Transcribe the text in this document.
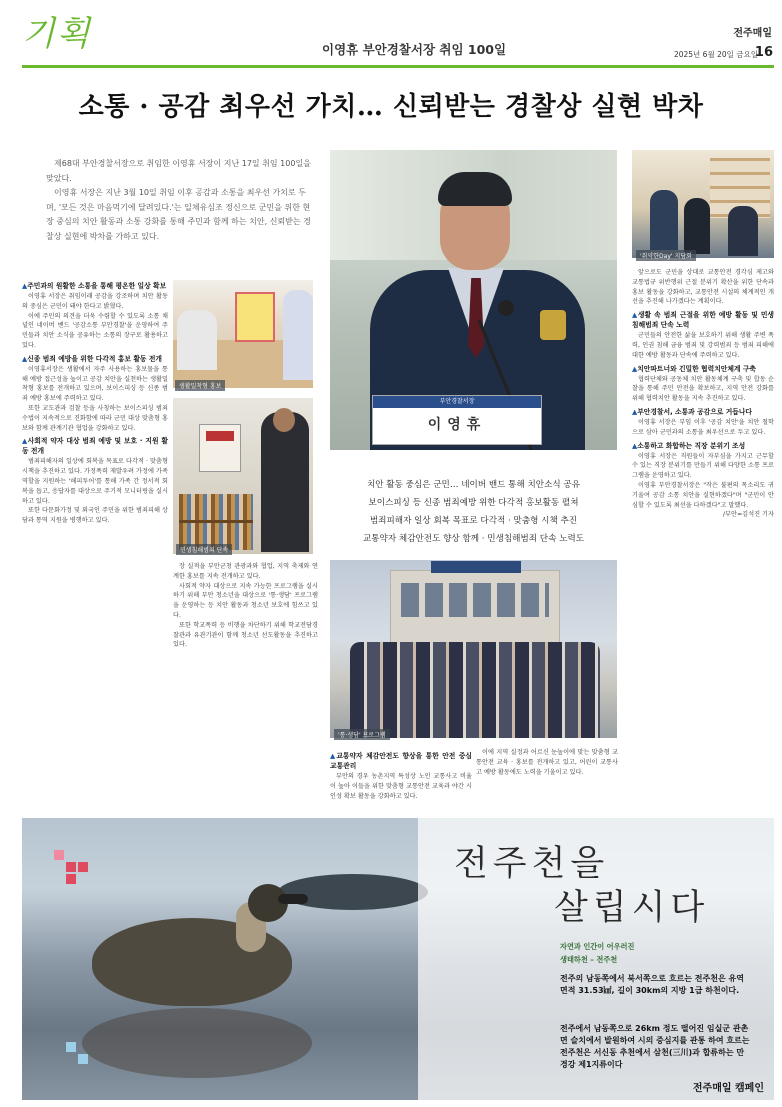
기획	이영휴 부안경찰서장 취임 100일
전주매일
2025년 6월 20일 금요일
16
소통 · 공감 최우선 가치… 신뢰받는 경찰상 실현 박차

제68대 부안경찰서장으로 취임한 이영휴 서장이 지난 17일 취임 100일을 맞았다.

이영휴 서장은 지난 3월 10일 취임 이후 공감과 소통을 최우선 가치로 두며, '모든 것은 마음먹기에 달려있다.'는 일체유심조 정신으로 군민을 위한 현장 중심의 치안 활동과 소통 강화를 통해 주민과 함께 하는 치안, 신뢰받는 경찰상 실현에 박차를 가하고 있다.

부안경찰서장
이영휴
'취약한Day' 지담회
생활밀착형 홍보
민생침해범죄 단속
치안 활동 중심은 군민… 네이버 밴드 통해 치안소식 공유
보이스피싱 등 신종 범죄예방 위한 다각적 홍보활동 펼쳐
범죄피해자 일상 회복 목표로 다각적 · 맞춤형 시책 추진
교통약자 체감안전도 향상 함께 · 민생침해범죄 단속 노력도
'통·생담' 프로그램
▲주민과의 원활한 소통을 통해 평온한 일상 확보

이영휴 서장은 취임이래 공감을 강조하며 치안 활동의 중심은 군민이 돼야 한다고 밝혔다.

이에 주민의 의견을 더욱 수렴할 수 있도록 소통 채널인 네이버 밴드 '공감소통 부안경찰'을 운영하여 주민들과 치안 소식을 공유하는 소통의 장구로 활용하고 있다.

▲신종 범죄 예방을 위한 다각적 홍보 활동 전개

이영휴서장은 생활에서 자주 사용하는 홍보물을 통해 예방 접근성을 높이고 공감 치안을 실천하는 생활밀착형 홍보를 전개하고 있으며, 보이스피싱 등 신종 범죄 예방 홍보에 주력하고 있다.

또한 교도관과 검찰 등을 사칭하는 보이스피싱 범죄 수법이 지속적으로 진화함에 따라 군민 대상 맞춤형 홍보와 함께 관계기관 협업을 강화하고 있다.

▲사회적 약자 대상 범죄 예방 및 보호 · 지원 활동 전개

범죄피해자의 일상에 회복을 목표로 다각적 · 맞춤형 시책을 추진하고 있다. 가정폭력 재발우려 가정에 가족역할을 지원하는 '해피투어'를 통해 가족 간 정서적 회복을 돕고, 응답자를 대상으로 주기적 모니터링을 실시하고 있다.

또한 다문화가정 및 외국인 주민을 위한 범죄피해 상담과 통역 지원을 병행하고 있다.

장 실적을 부안군청 관광과와 협업, 지역 축제와 연계한 홍보를 지속 전개하고 있다.

사회적 약자 대상으로 지속 가능한 프로그램을 실시하기 위해 부안 청소년을 대상으로 '통·생담' 프로그램을 운영하는 등 치안 활동과 청소년 보호에 힘쓰고 있다.

또한 학교폭력 등 비행을 차단하기 위해 학교전담경찰관과 유관기관이 함께 청소년 선도활동을 추진하고 있다.

▲교통약자 체감안전도 향상을 통한 안전 중심 교통관리

부안의 경우 농촌지역 특성상 노인 교통사고 비율이 높아 이들을 위한 맞춤형 교통안전 교육과 야간 시인성 확보 활동을 강화하고 있다.

이에 지역 실정과 어르신 눈높이에 맞는 맞춤형 교통안전 교육 · 홍보를 전개하고 있고, 어린이 교통사고 예방 활동에도 노력을 기울이고 있다.

앞으로도 군민을 상대로 교통안전 경각심 제고와 교통법규 위반행위 근절 분위기 확산을 위한 단속과 홍보 활동을 강화하고, 교통안전 시설의 체계적인 개선을 추진해 나가겠다는 계획이다.

▲생활 속 범죄 근절을 위한 예방 활동 및 민생침해범죄 단속 노력

군민들의 안전한 삶을 보호하기 위해 생활 주변 폭력, 인권 침해 금융 범죄 및 강력범죄 등 범죄 피해에 대한 예방 활동과 단속에 주력하고 있다.

▲치안파트너와 긴밀한 협력치안체계 구축

협력단체와 공동체 치안 활동체계 구축 및 합동 순찰을 통해 주민 안전을 확보하고, 지역 안전 강화를 위해 협력치안 활동을 지속 추진하고 있다.

▲부안경찰서, 소통과 공감으로 거듭나다

이영휴 서장은 부임 이후 '공감 치안'을 치안 철학으로 삼아 군민과의 소통을 최우선으로 두고 있다.

▲소통하고 화합하는 직장 분위기 조성

이영휴 서장은 직원들이 자부심을 가지고 근무할 수 있는 직장 분위기를 만들기 위해 다양한 소통 프로그램을 운영하고 있다.

이영휴 부안경찰서장은 "작은 불편의 목소리도 귀 기울여 공감 소통 치안을 실현하겠다"며 "군민이 안심할 수 있도록 최선을 다하겠다"고 말했다.

/부안=김석진 기자

전주천을
살립시다
자연과 인간이 어우러진
생태하천 – 전주천
전주의 남동쪽에서 북서쪽으로 흐르는 전주천은 유역면적 31.53㎢, 길이 30km의 지방 1급 하천이다.
전주에서 남동쪽으로 26km 정도 떨어진 임실군 관촌면 슬치에서 발원하여 시의 중심지를 관통 하여 흐르는 전주천은 서신동 추천에서 삼천(三川)과 합류하는 만경강 제1지류이다
전주매일 캠페인
